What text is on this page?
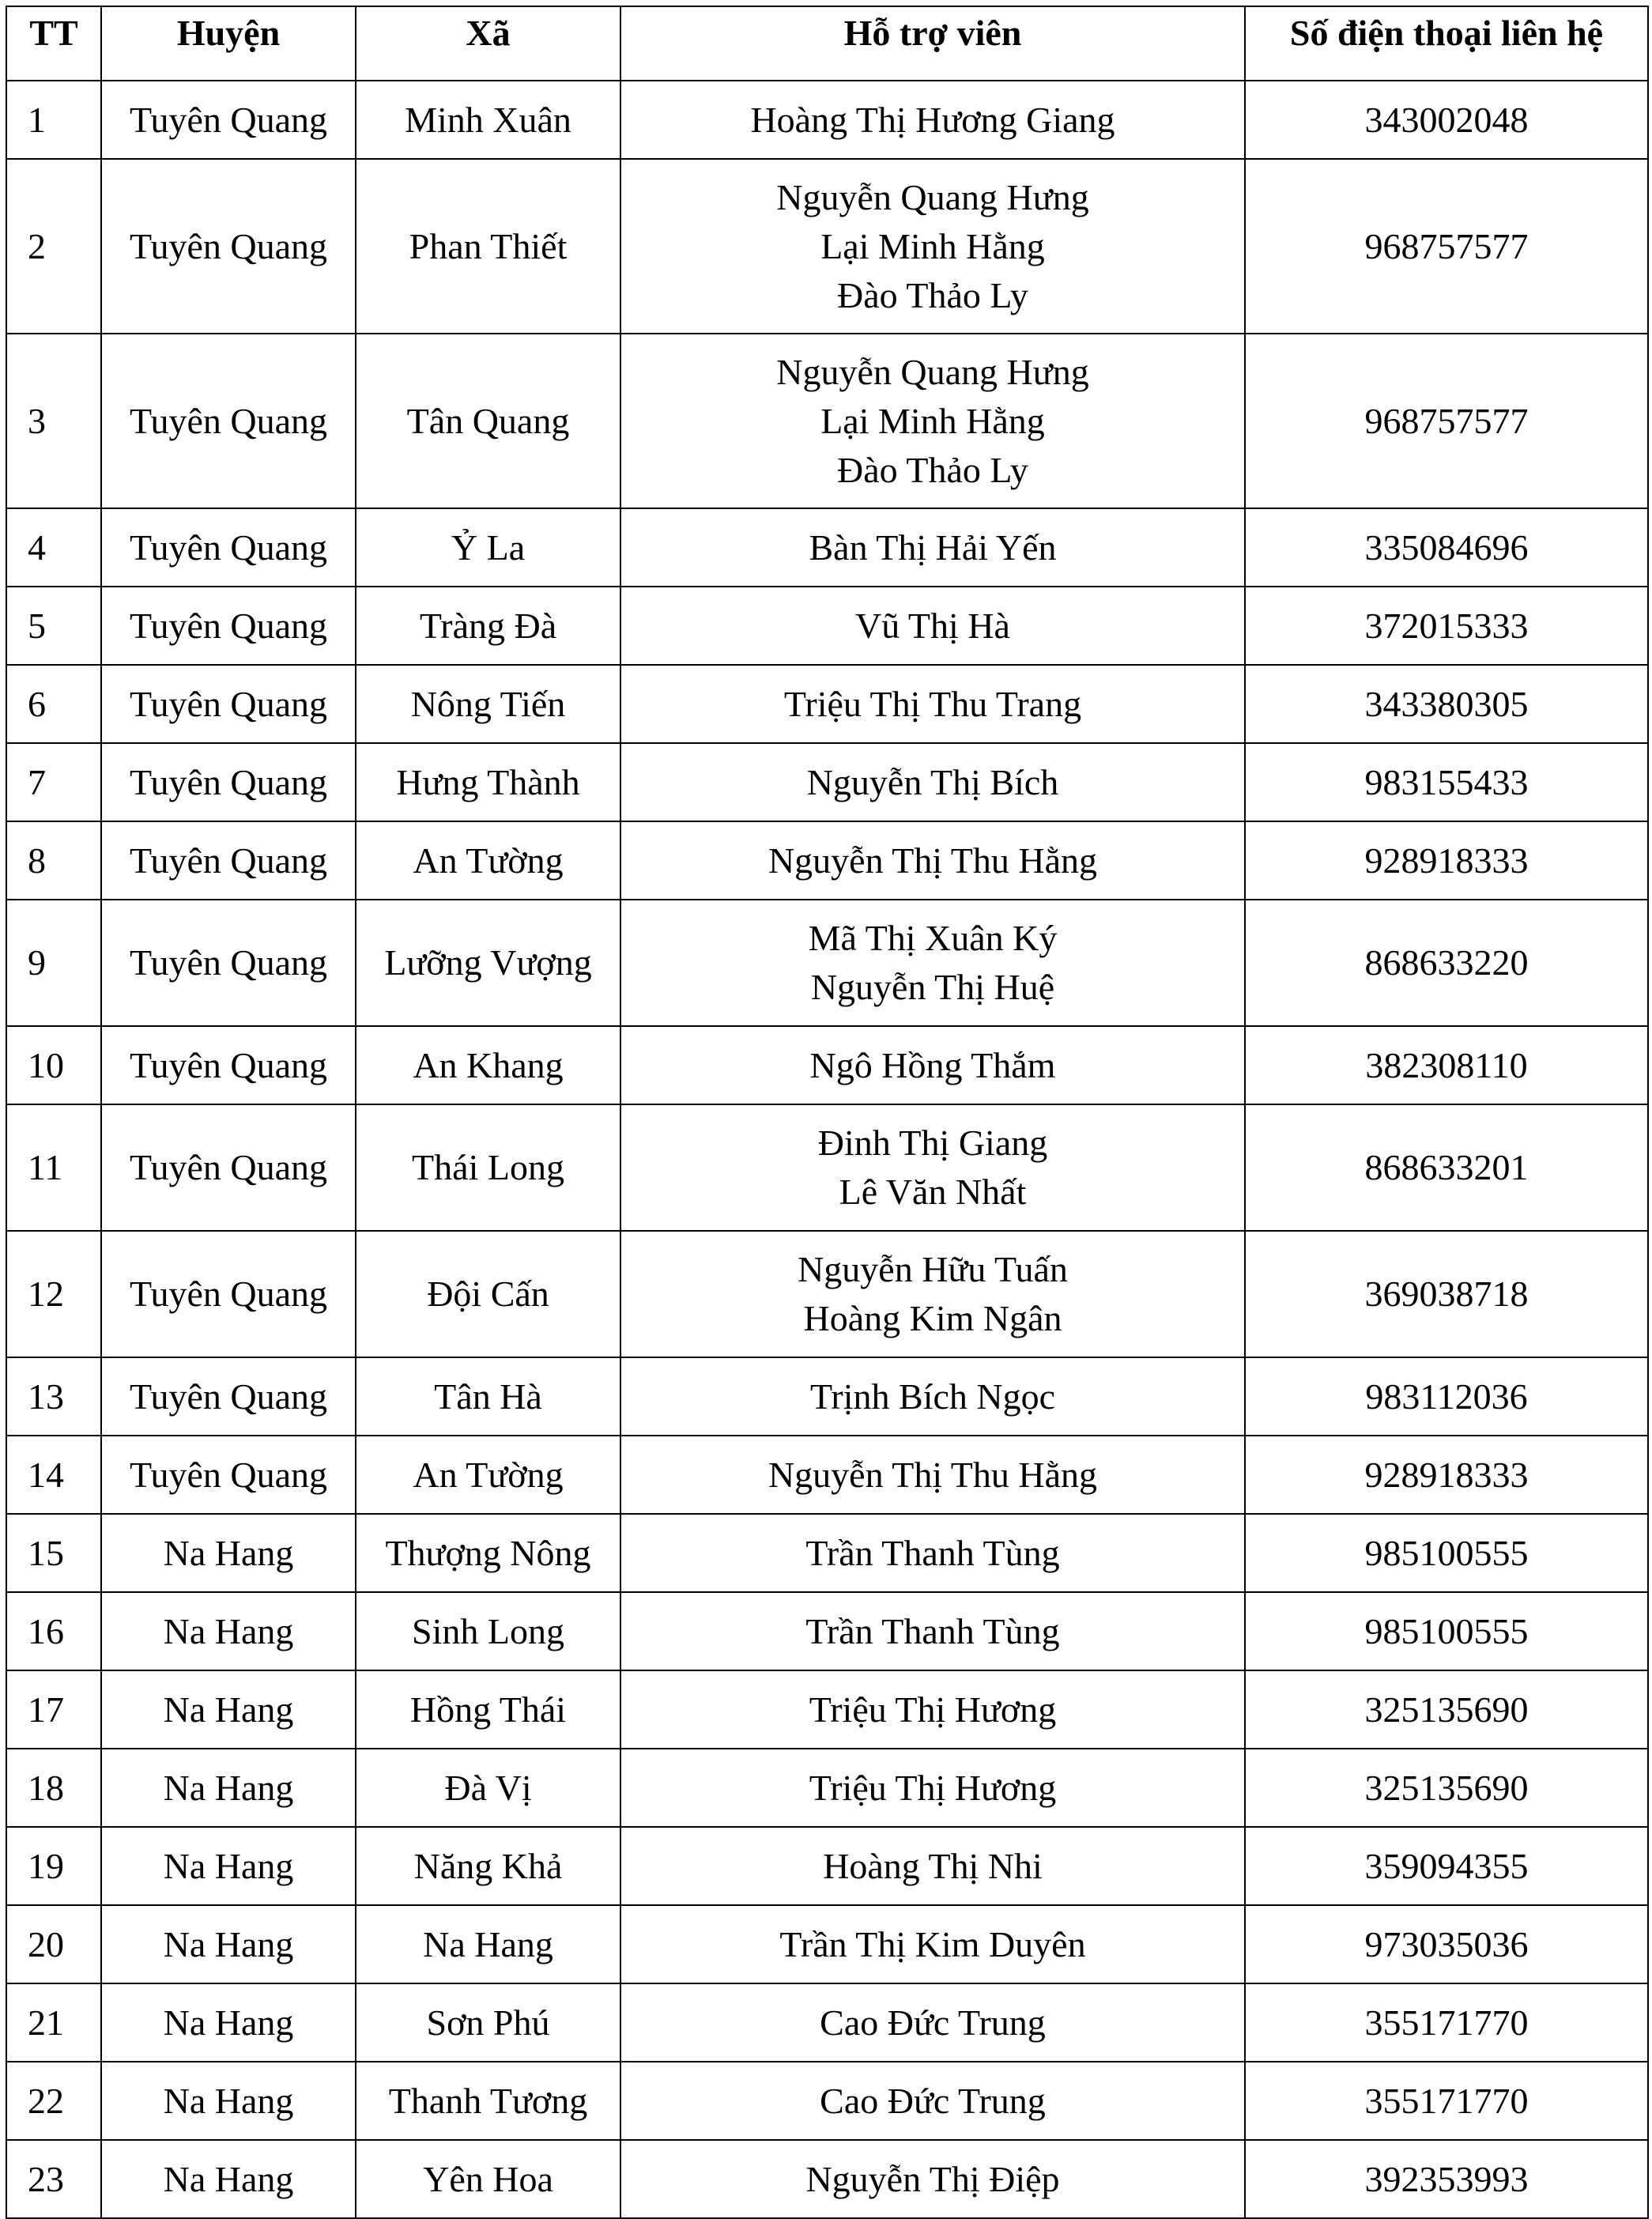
TT	Huyện	Xã	Hỗ trợ viên	Số điện thoại liên hệ
1	Tuyên Quang	Minh Xuân	Hoàng Thị Hương Giang	343002048
2	Tuyên Quang	Phan Thiết	Nguyễn Quang Hưng
Lại Minh Hằng
Đào Thảo Ly	968757577
3	Tuyên Quang	Tân Quang	Nguyễn Quang Hưng
Lại Minh Hằng
Đào Thảo Ly	968757577
4	Tuyên Quang	Ỷ La	Bàn Thị Hải Yến	335084696
5	Tuyên Quang	Tràng Đà	Vũ Thị Hà	372015333
6	Tuyên Quang	Nông Tiến	Triệu Thị Thu Trang	343380305
7	Tuyên Quang	Hưng Thành	Nguyễn Thị Bích	983155433
8	Tuyên Quang	An Tường	Nguyễn Thị Thu Hằng	928918333
9	Tuyên Quang	Lưỡng Vượng	Mã Thị Xuân Ký
Nguyễn Thị Huệ	868633220
10	Tuyên Quang	An Khang	Ngô Hồng Thắm	382308110
11	Tuyên Quang	Thái Long	Đinh Thị Giang
Lê Văn Nhất	868633201
12	Tuyên Quang	Đội Cấn	Nguyễn Hữu Tuấn
Hoàng Kim Ngân	369038718
13	Tuyên Quang	Tân Hà	Trịnh Bích Ngọc	983112036
14	Tuyên Quang	An Tường	Nguyễn Thị Thu Hằng	928918333
15	Na Hang	Thượng Nông	Trần Thanh Tùng	985100555
16	Na Hang	Sinh Long	Trần Thanh Tùng	985100555
17	Na Hang	Hồng Thái	Triệu Thị Hương	325135690
18	Na Hang	Đà Vị	Triệu Thị Hương	325135690
19	Na Hang	Năng Khả	Hoàng Thị Nhi	359094355
20	Na Hang	Na Hang	Trần Thị Kim Duyên	973035036
21	Na Hang	Sơn Phú	Cao Đức Trung	355171770
22	Na Hang	Thanh Tương	Cao Đức Trung	355171770
23	Na Hang	Yên Hoa	Nguyễn Thị Điệp	392353993
